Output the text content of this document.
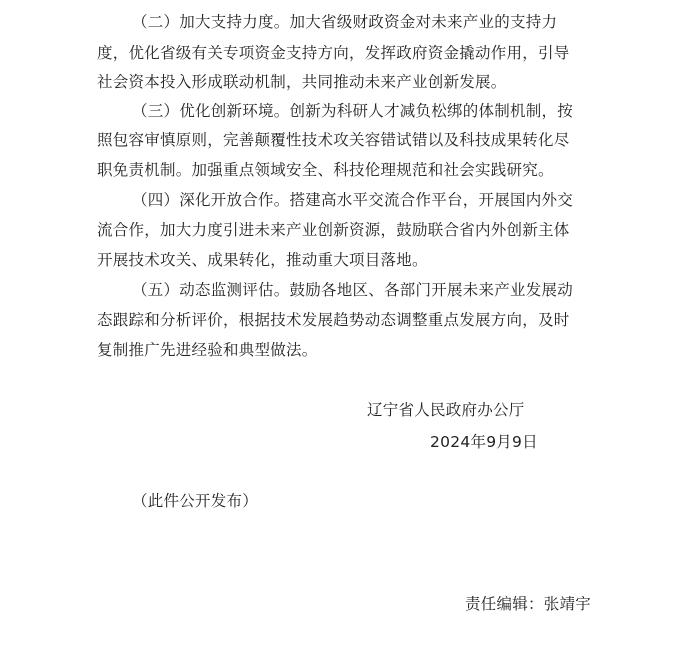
（二）加大支持力度。加大省级财政资金对未来产业的支持力
度，优化省级有关专项资金支持方向，发挥政府资金撬动作用，引导
社会资本投入形成联动机制，共同推动未来产业创新发展。
（三）优化创新环境。创新为科研人才减负松绑的体制机制，按
照包容审慎原则，完善颠覆性技术攻关容错试错以及科技成果转化尽
职免责机制。加强重点领域安全、科技伦理规范和社会实践研究。
（四）深化开放合作。搭建高水平交流合作平台，开展国内外交
流合作，加大力度引进未来产业创新资源，鼓励联合省内外创新主体
开展技术攻关、成果转化，推动重大项目落地。
（五）动态监测评估。鼓励各地区、各部门开展未来产业发展动
态跟踪和分析评价，根据技术发展趋势动态调整重点发展方向，及时
复制推广先进经验和典型做法。
辽宁省人民政府办公厅
2024年9月9日
（此件公开发布）
责任编辑：张靖宇
